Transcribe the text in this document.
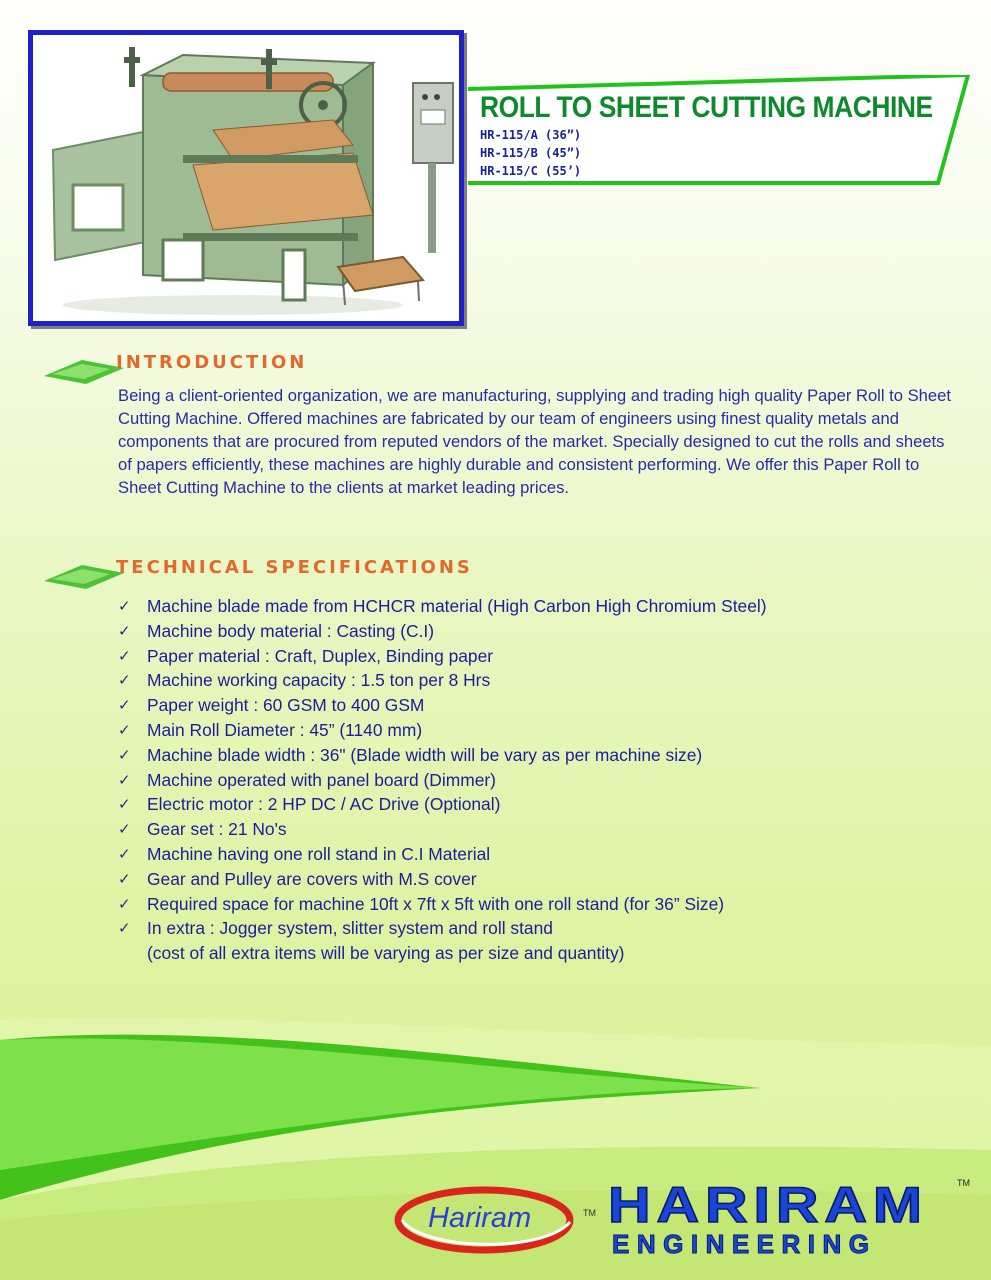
ROLL TO SHEET CUTTING MACHINE
HR-115/A (36”)
HR-115/B (45”)
HR-115/C (55’)
INTRODUCTION

Being a client-oriented organization, we are manufacturing, supplying and trading high quality Paper Roll to Sheet Cutting Machine. Offered machines are fabricated by our team of engineers using finest quality metals and components that are procured from reputed vendors of the market. Specially designed to cut the rolls and sheets of papers efficiently, these machines are highly durable and consistent performing. We offer this Paper Roll to Sheet Cutting Machine to the clients at market leading prices.

TECHNICAL SPECIFICATIONS
✓ Machine blade made from HCHCR material (High Carbon High Chromium Steel)
✓ Machine body material : Casting (C.I)
✓ Paper material : Craft, Duplex, Binding paper
✓ Machine working capacity : 1.5 ton per 8 Hrs
✓ Paper weight : 60 GSM to 400 GSM
✓ Main Roll Diameter : 45” (1140 mm)
✓ Machine blade width : 36" (Blade width will be vary as per machine size)
✓ Machine operated with panel board (Dimmer)
✓ Electric motor : 2 HP DC / AC Drive (Optional)
✓ Gear set : 21 No's
✓ Machine having one roll stand in C.I Material
✓ Gear and Pulley are covers with M.S cover
✓ Required space for machine 10ft x 7ft x 5ft with one roll stand (for 36” Size)
✓ In extra : Jogger system, slitter system and roll stand
(cost of all extra items will be varying as per size and quantity)
Hariram	TM HARIRAM	TM
ENGINEERING
